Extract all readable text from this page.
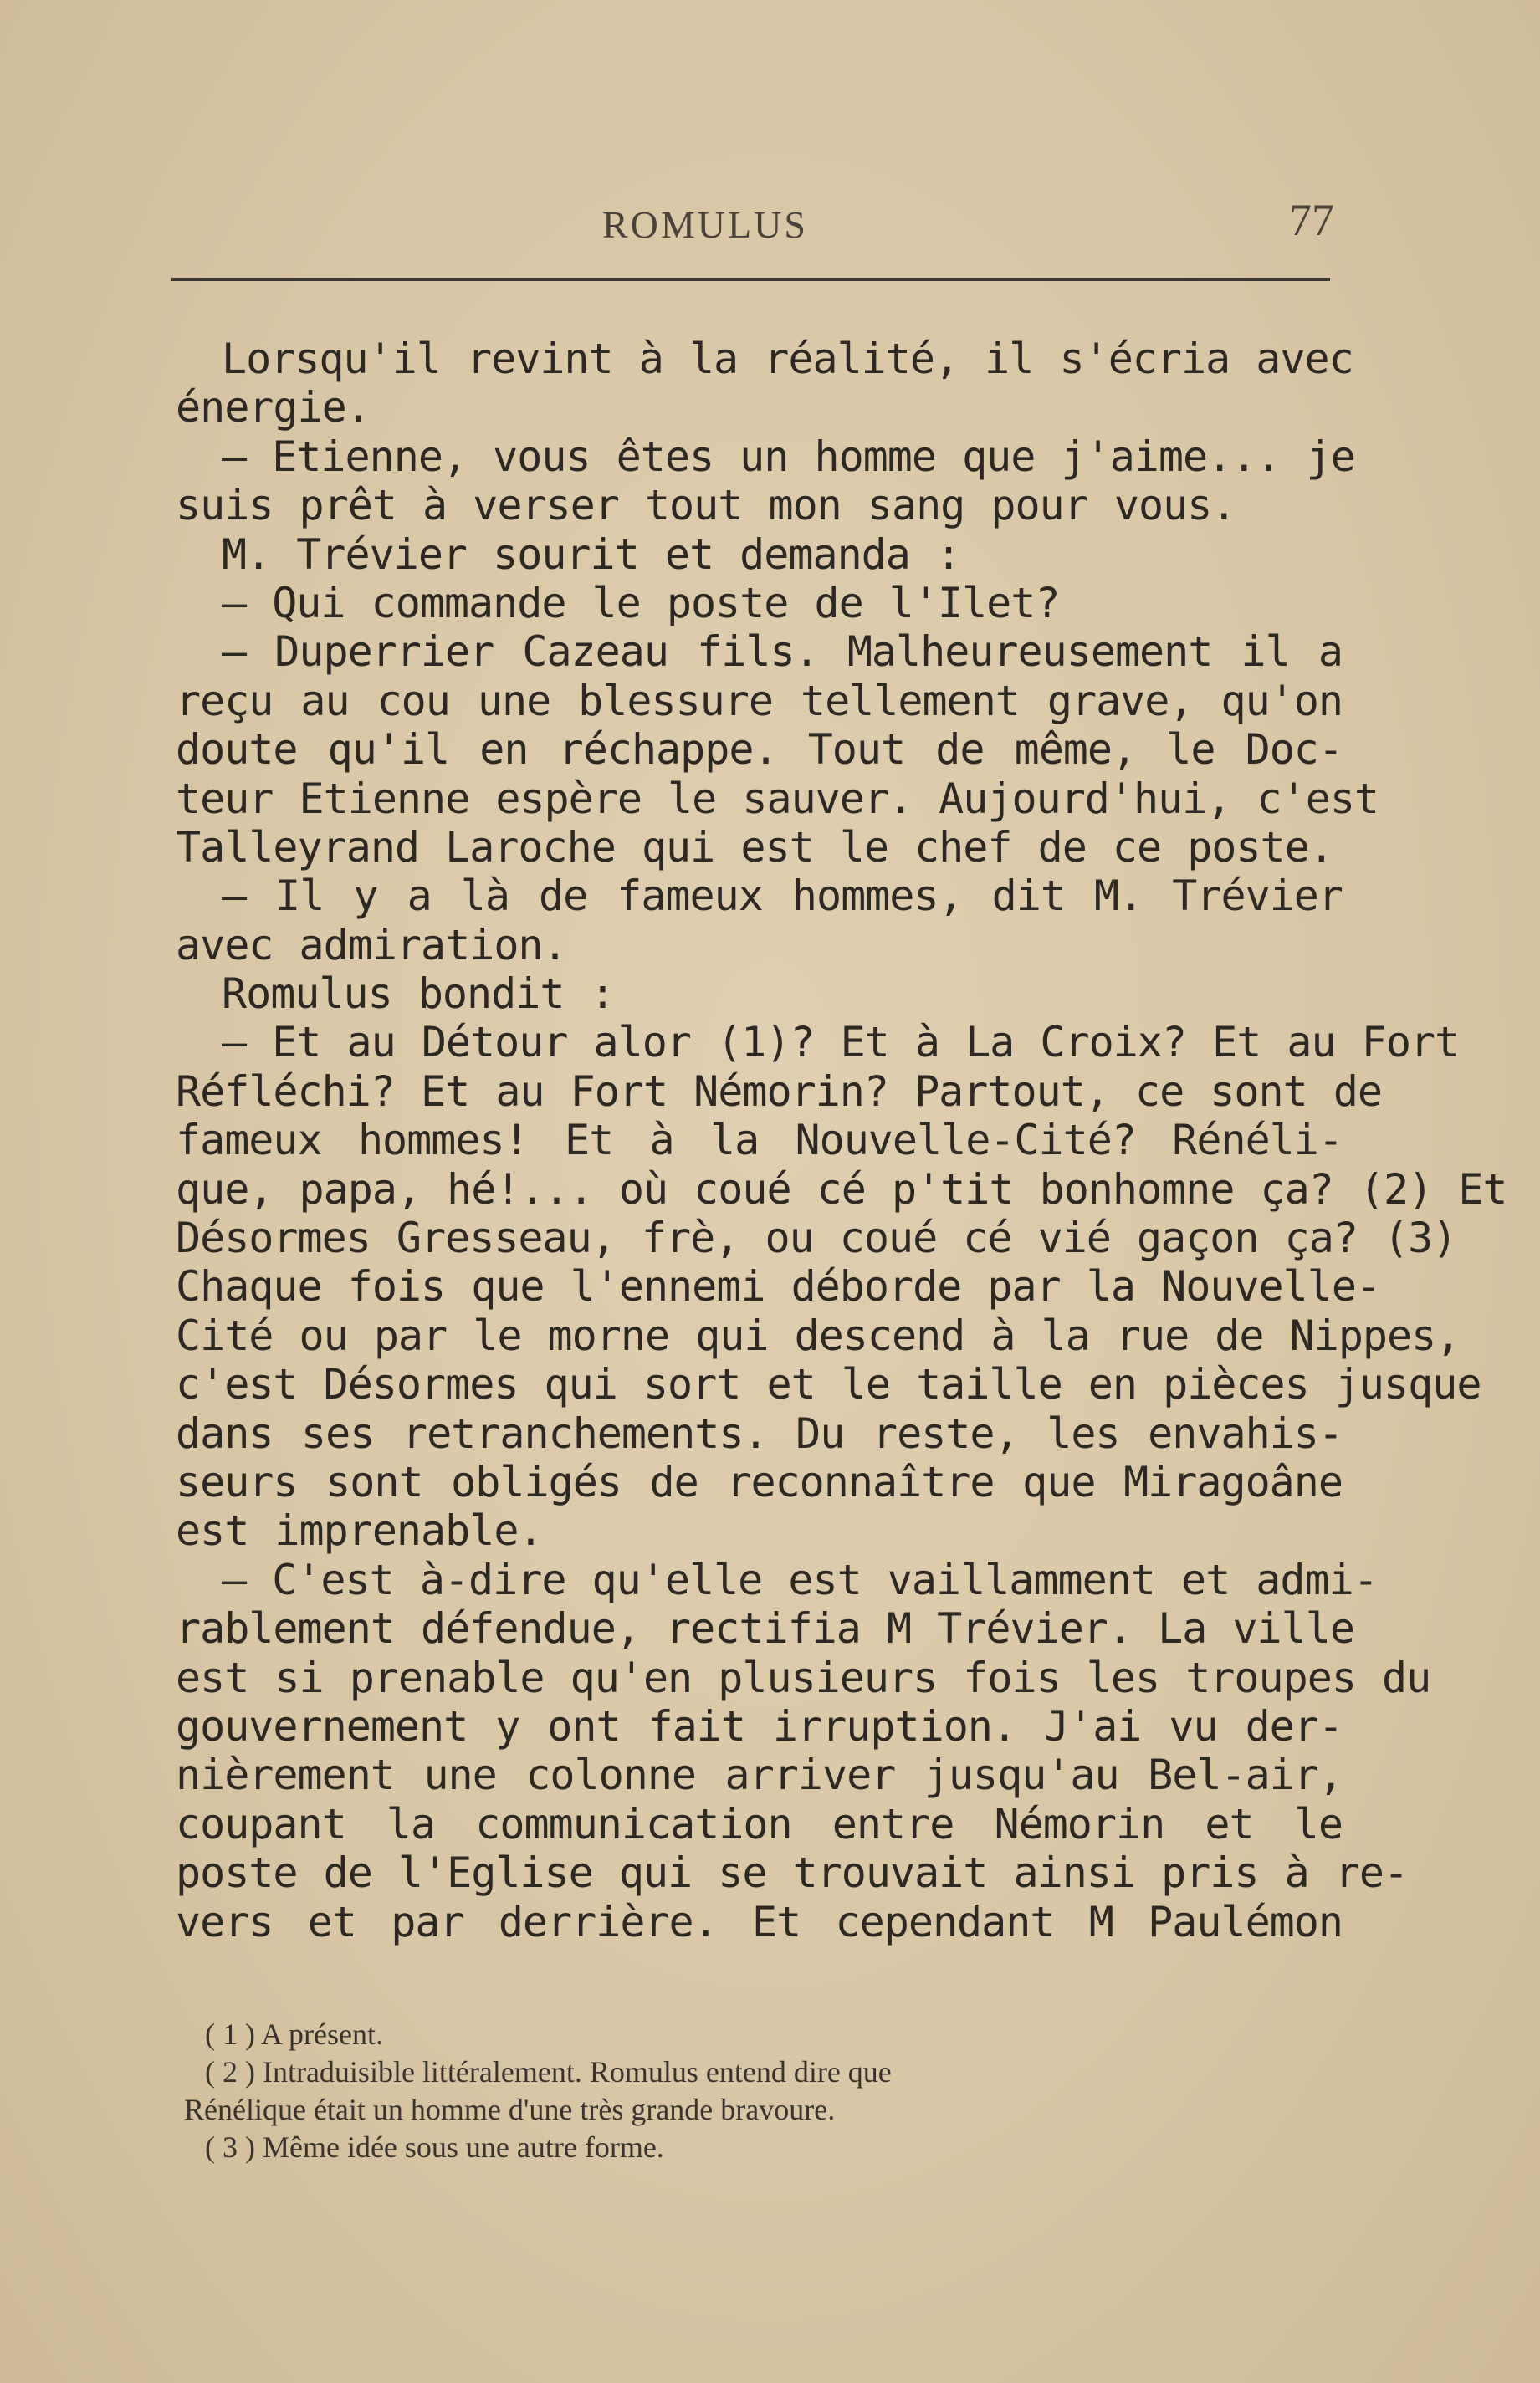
ROMULUS	77
Lorsqu'il revint à la réalité, il s'écria avec
énergie.
— Etienne, vous êtes un homme que j'aime... je
suis prêt à verser tout mon sang pour vous.
M. Trévier sourit et demanda :
— Qui commande le poste de l'Ilet?
— Duperrier Cazeau fils. Malheureusement il a
reçu au cou une blessure tellement grave, qu'on
doute qu'il en réchappe. Tout de même, le Doc-
teur Etienne espère le sauver. Aujourd'hui, c'est
Talleyrand Laroche qui est le chef de ce poste.
— Il y a là de fameux hommes, dit M. Trévier
avec admiration.
Romulus bondit :
— Et au Détour alor (1)? Et à La Croix? Et au Fort
Réfléchi? Et au Fort Némorin? Partout, ce sont de
fameux hommes! Et à la Nouvelle-Cité? Rénéli-
que, papa, hé!... où coué cé p'tit bonhomne ça? (2) Et
Désormes Gresseau, frè, ou coué cé vié gaçon ça? (3)
Chaque fois que l'ennemi déborde par la Nouvelle-
Cité ou par le morne qui descend à la rue de Nippes,
c'est Désormes qui sort et le taille en pièces jusque
dans ses retranchements. Du reste, les envahis-
seurs sont obligés de reconnaître que Miragoâne
est imprenable.
— C'est à-dire qu'elle est vaillamment et admi-
rablement défendue, rectifia M Trévier. La ville
est si prenable qu'en plusieurs fois les troupes du
gouvernement y ont fait irruption. J'ai vu der-
nièrement une colonne arriver jusqu'au Bel-air,
coupant la communication entre Némorin et le
poste de l'Eglise qui se trouvait ainsi pris à re-
vers et par derrière. Et cependant M Paulémon
( 1 ) A présent.
( 2 ) Intraduisible littéralement. Romulus entend dire que
Rénélique était un homme d'une très grande bravoure.
( 3 ) Même idée sous une autre forme.
